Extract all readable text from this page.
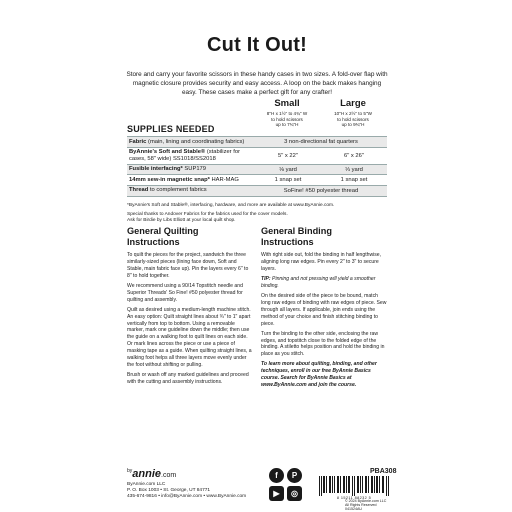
Cut It Out!
Store and carry your favorite scissors in these handy cases in two sizes. A fold-over flap with magnetic closure provides security and easy access. A loop on the back makes hanging easy. These cases make a perfect gift for any crafter!
Small
8"H x 1½" to 4¾" W
to hold scissors
up to 7¾"H
Large
10"H x 2½" to 5"W
to hold scissors
up to 9¾"H
SUPPLIES NEEDED
Fabric (main, lining and coordinating fabrics)	3 non-directional fat quarters
ByAnnie's Soft and Stable® (stabilizer for cases, 58" wide) SS1018/SS2018	5" x 22"	6" x 26"
Fusible interfacing* SUP179	⅛ yard	⅓ yard
14mm sew-in magnetic snap* HAR-MAG	1 snap set	1 snap set
Thread to complement fabrics	SoFine! #50 polyester thread
*ByAnnie's Soft and Stable®, interfacing, hardware, and more are available at www.ByAnnie.com.
Special thanks to Andover Fabrics for the fabrics used for the cover models.
Ask for Birdie by Libs Elliott at your local quilt shop.
General Quilting
Instructions

To quilt the pieces for the project, sandwich the three similarly-sized pieces (lining face down, Soft and Stable, main fabric face up). Pin the layers every 6" to 8" to hold together.

We recommend using a 90/14 Topstitch needle and Superior Threads' So Fine! #50 polyester thread for quilting and assembly.

Quilt as desired using a medium-length machine stitch. An easy option: Quilt straight lines about ¾" to 1" apart vertically from top to bottom. Using a removable marker, mark one guideline down the middle; then use the guide on a walking foot to quilt lines on each side. Or mark lines across the piece or use a piece of masking tape as a guide. When quilting straight lines, a walking foot helps all three layers move evenly under the foot without shifting or pulling.

Brush or wash off any marked guidelines and proceed with the cutting and assembly instructions.

General Binding
Instructions

With right side out, fold the binding in half lengthwise, aligning long raw edges. Pin every 2" to 3" to secure layers.

TIP: Pinning and not pressing will yield a smoother binding.

On the desired side of the piece to be bound, match long raw edges of binding with raw edges of piece. Sew through all layers. If applicable, join ends using the method of your choice and finish stitching binding to piece.

Turn the binding to the other side, enclosing the raw edges, and topstitch close to the folded edge of the binding. A stiletto helps position and hold the binding in place as you stitch.

To learn more about quilting, binding, and other techniques, enroll in our free ByAnnie Basics course. Search for ByAnnie Basics at www.ByAnnie.com and join the course.

$^{by}$annie.com
ByAnnie.com LLC
P. O. Box 1003 • St. George, UT 84771
435-674-9816 • info@ByAnnie.com • www.ByAnnie.com
f	P
▶	◎
PBA308
8 15211 88232 5
© 2024 ByAnnie.com LLC
All Rights Reserved
041524AU
